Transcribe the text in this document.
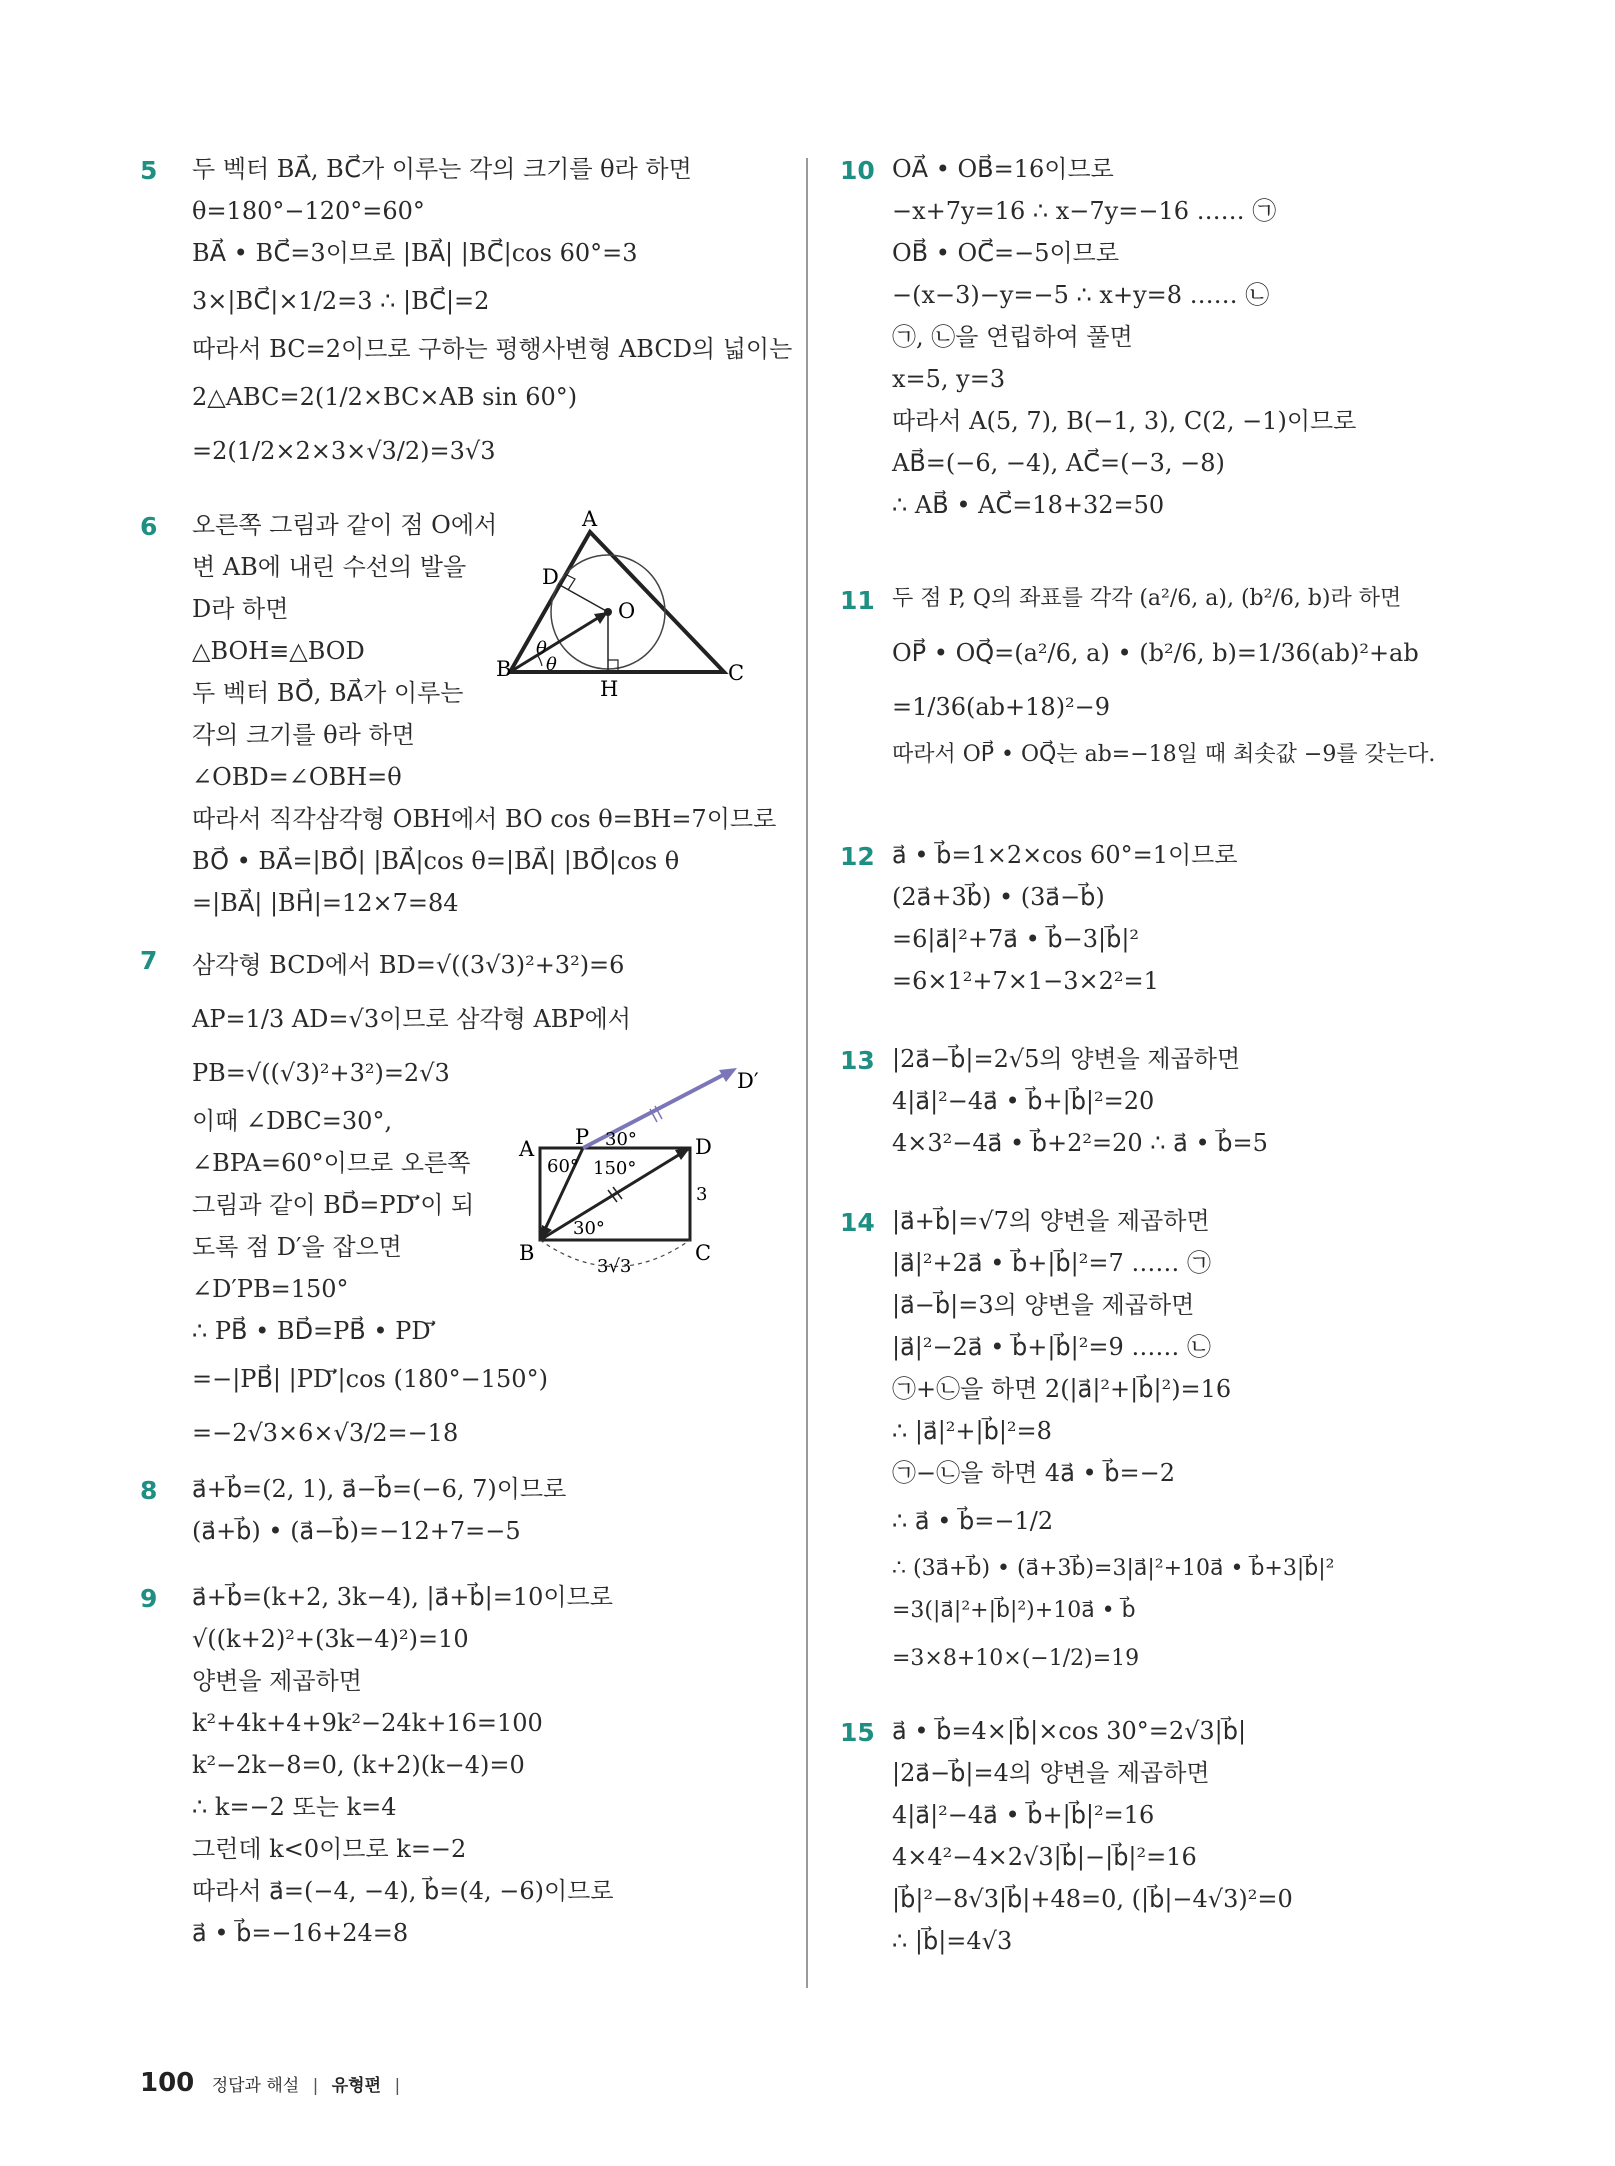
5 두 벡터 BA⃗, BC⃗가 이루는 각의 크기를 θ라 하면
θ=180°−120°=60°
BA⃗ • BC⃗=3이므로 |BA⃗| |BC⃗|cos 60°=3
3×|BC⃗|×1/2=3 ∴ |BC⃗|=2
따라서 BC=2이므로 구하는 평행사변형 ABCD의 넓이는
2△ABC=2(1/2×BC×AB sin 60°)
=2(1/2×2×3×√3/2)=3√3
6 오른쪽 그림과 같이 점 O에서
변 AB에 내린 수선의 발을
D라 하면
△BOH≡△BOD
두 벡터 BO⃗, BA⃗가 이루는
각의 크기를 θ라 하면
∠OBD=∠OBH=θ
따라서 직각삼각형 OBH에서 BO cos θ=BH=7이므로
BO⃗ • BA⃗=|BO⃗| |BA⃗|cos θ=|BA⃗| |BO⃗|cos θ
=|BA⃗| |BH⃗|=12×7=84
A
B	C
D
H
O
θ
θ
7 삼각형 BCD에서 BD=√((3√3)²+3²)=6
AP=1/3 AD=√3이므로 삼각형 ABP에서
PB=√((√3)²+3²)=2√3
이때 ∠DBC=30°,
∠BPA=60°이므로 오른쪽
그림과 같이 BD⃗=PD′⃗이 되
도록 점 D′을 잡으면
∠D′PB=150°
∴ PB⃗ • BD⃗=PB⃗ • PD′⃗
=−|PB⃗| |PD′⃗|cos (180°−150°)
=−2√3×6×√3/2=−18
A
B	C
D
P
D′
30°
60° 150°
30°
3
3√3
8 a⃗+b⃗=(2, 1), a⃗−b⃗=(−6, 7)이므로
(a⃗+b⃗) • (a⃗−b⃗)=−12+7=−5
9 a⃗+b⃗=(k+2, 3k−4), |a⃗+b⃗|=10이므로
√((k+2)²+(3k−4)²)=10
양변을 제곱하면
k²+4k+4+9k²−24k+16=100
k²−2k−8=0, (k+2)(k−4)=0
∴ k=−2 또는 k=4
그런데 k<0이므로 k=−2
따라서 a⃗=(−4, −4), b⃗=(4, −6)이므로
a⃗ • b⃗=−16+24=8
10 OA⃗ • OB⃗=16이므로
−x+7y=16 ∴ x−7y=−16 …… ㉠
OB⃗ • OC⃗=−5이므로
−(x−3)−y=−5 ∴ x+y=8 …… ㉡
㉠, ㉡을 연립하여 풀면
x=5, y=3
따라서 A(5, 7), B(−1, 3), C(2, −1)이므로
AB⃗=(−6, −4), AC⃗=(−3, −8)
∴ AB⃗ • AC⃗=18+32=50
11 두 점 P, Q의 좌표를 각각 (a²/6, a), (b²/6, b)라 하면
OP⃗ • OQ⃗=(a²/6, a) • (b²/6, b)=1/36(ab)²+ab
=1/36(ab+18)²−9
따라서 OP⃗ • OQ⃗는 ab=−18일 때 최솟값 −9를 갖는다.
12 a⃗ • b⃗=1×2×cos 60°=1이므로
(2a⃗+3b⃗) • (3a⃗−b⃗)
=6|a⃗|²+7a⃗ • b⃗−3|b⃗|²
=6×1²+7×1−3×2²=1
13 |2a⃗−b⃗|=2√5의 양변을 제곱하면
4|a⃗|²−4a⃗ • b⃗+|b⃗|²=20
4×3²−4a⃗ • b⃗+2²=20 ∴ a⃗ • b⃗=5
14 |a⃗+b⃗|=√7의 양변을 제곱하면
|a⃗|²+2a⃗ • b⃗+|b⃗|²=7 …… ㉠
|a⃗−b⃗|=3의 양변을 제곱하면
|a⃗|²−2a⃗ • b⃗+|b⃗|²=9 …… ㉡
㉠+㉡을 하면 2(|a⃗|²+|b⃗|²)=16
∴ |a⃗|²+|b⃗|²=8
㉠−㉡을 하면 4a⃗ • b⃗=−2
∴ a⃗ • b⃗=−1/2
∴ (3a⃗+b⃗) • (a⃗+3b⃗)=3|a⃗|²+10a⃗ • b⃗+3|b⃗|²
=3(|a⃗|²+|b⃗|²)+10a⃗ • b⃗
=3×8+10×(−1/2)=19
15 a⃗ • b⃗=4×|b⃗|×cos 30°=2√3|b⃗|
|2a⃗−b⃗|=4의 양변을 제곱하면
4|a⃗|²−4a⃗ • b⃗+|b⃗|²=16
4×4²−4×2√3|b⃗|−|b⃗|²=16
|b⃗|²−8√3|b⃗|+48=0, (|b⃗|−4√3)²=0
∴ |b⃗|=4√3
100 정답과 해설 | 유형편 |
